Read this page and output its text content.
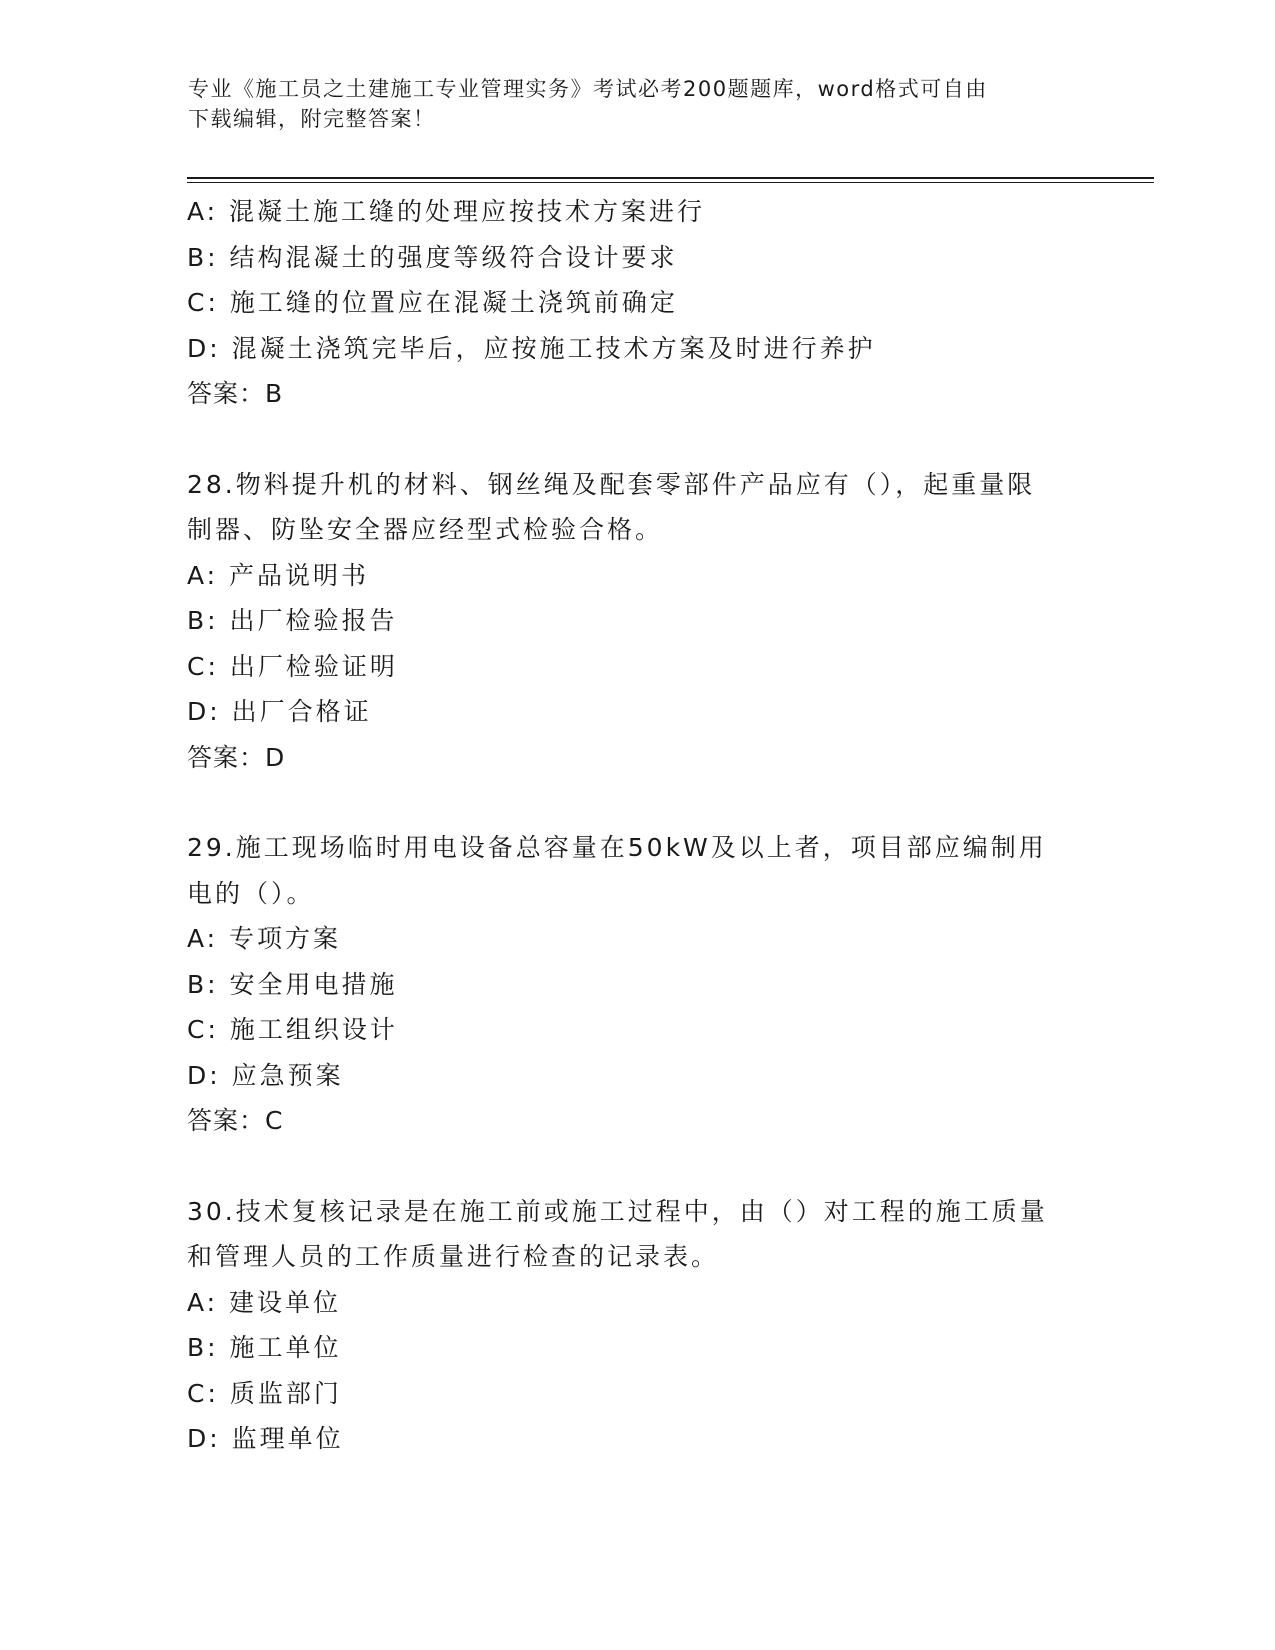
专业《施工员之土建施工专业管理实务》考试必考200题题库，word格式可自由
下载编辑，附完整答案！
A: 混凝土施工缝的处理应按技术方案进行
B: 结构混凝土的强度等级符合设计要求
C: 施工缝的位置应在混凝土浇筑前确定
D: 混凝土浇筑完毕后，应按施工技术方案及时进行养护
答案：B
28.物料提升机的材料、钢丝绳及配套零部件产品应有（），起重量限
制器、防坠安全器应经型式检验合格。
A: 产品说明书
B: 出厂检验报告
C: 出厂检验证明
D: 出厂合格证
答案：D
29.施工现场临时用电设备总容量在50kW及以上者，项目部应编制用
电的（）。
A: 专项方案
B: 安全用电措施
C: 施工组织设计
D: 应急预案
答案：C
30.技术复核记录是在施工前或施工过程中，由（）对工程的施工质量
和管理人员的工作质量进行检查的记录表。
A: 建设单位
B: 施工单位
C: 质监部门
D: 监理单位
